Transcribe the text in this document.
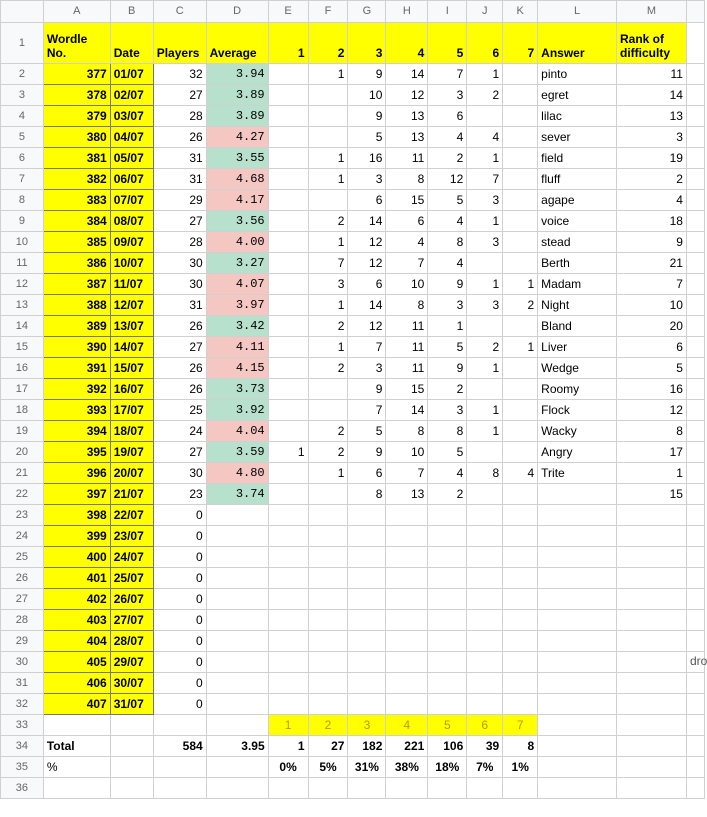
	A	B	C	D	E	F	G	H	I	J	K	L	M	
1	Wordle No.	Date	Players	Average	1	2	3	4	5	6	7	Answer	Rank of difficulty	
2	377	01/07	32	3.94		1	9	14	7	1		pinto	11	
3	378	02/07	27	3.89			10	12	3	2		egret	14	
4	379	03/07	28	3.89			9	13	6			lilac	13	
5	380	04/07	26	4.27			5	13	4	4		sever	3	
6	381	05/07	31	3.55		1	16	11	2	1		field	19	
7	382	06/07	31	4.68		1	3	8	12	7		fluff	2	
8	383	07/07	29	4.17			6	15	5	3		agape	4	
9	384	08/07	27	3.56		2	14	6	4	1		voice	18	
10	385	09/07	28	4.00		1	12	4	8	3		stead	9	
11	386	10/07	30	3.27		7	12	7	4			Berth	21	
12	387	11/07	30	4.07		3	6	10	9	1	1	Madam	7	
13	388	12/07	31	3.97		1	14	8	3	3	2	Night	10	
14	389	13/07	26	3.42		2	12	11	1			Bland	20	
15	390	14/07	27	4.11		1	7	11	5	2	1	Liver	6	
16	391	15/07	26	4.15		2	3	11	9	1		Wedge	5	
17	392	16/07	26	3.73			9	15	2			Roomy	16	
18	393	17/07	25	3.92			7	14	3	1		Flock	12	
19	394	18/07	24	4.04		2	5	8	8	1		Wacky	8	
20	395	19/07	27	3.59	1	2	9	10	5			Angry	17	
21	396	20/07	30	4.80		1	6	7	4	8	4	Trite	1	
22	397	21/07	23	3.74			8	13	2				15	
23	398	22/07	0											
24	399	23/07	0											
25	400	24/07	0											
26	401	25/07	0											
27	402	26/07	0											
28	403	27/07	0											
29	404	28/07	0											
30	405	29/07	0											
31	406	30/07	0											
32	407	31/07	0											
33					1	2	3	4	5	6	7			
34	Total		584	3.95	1	27	182	221	106	39	8			
35	%				0%	5%	31%	38%	18%	7%	1%			
36														
dro
